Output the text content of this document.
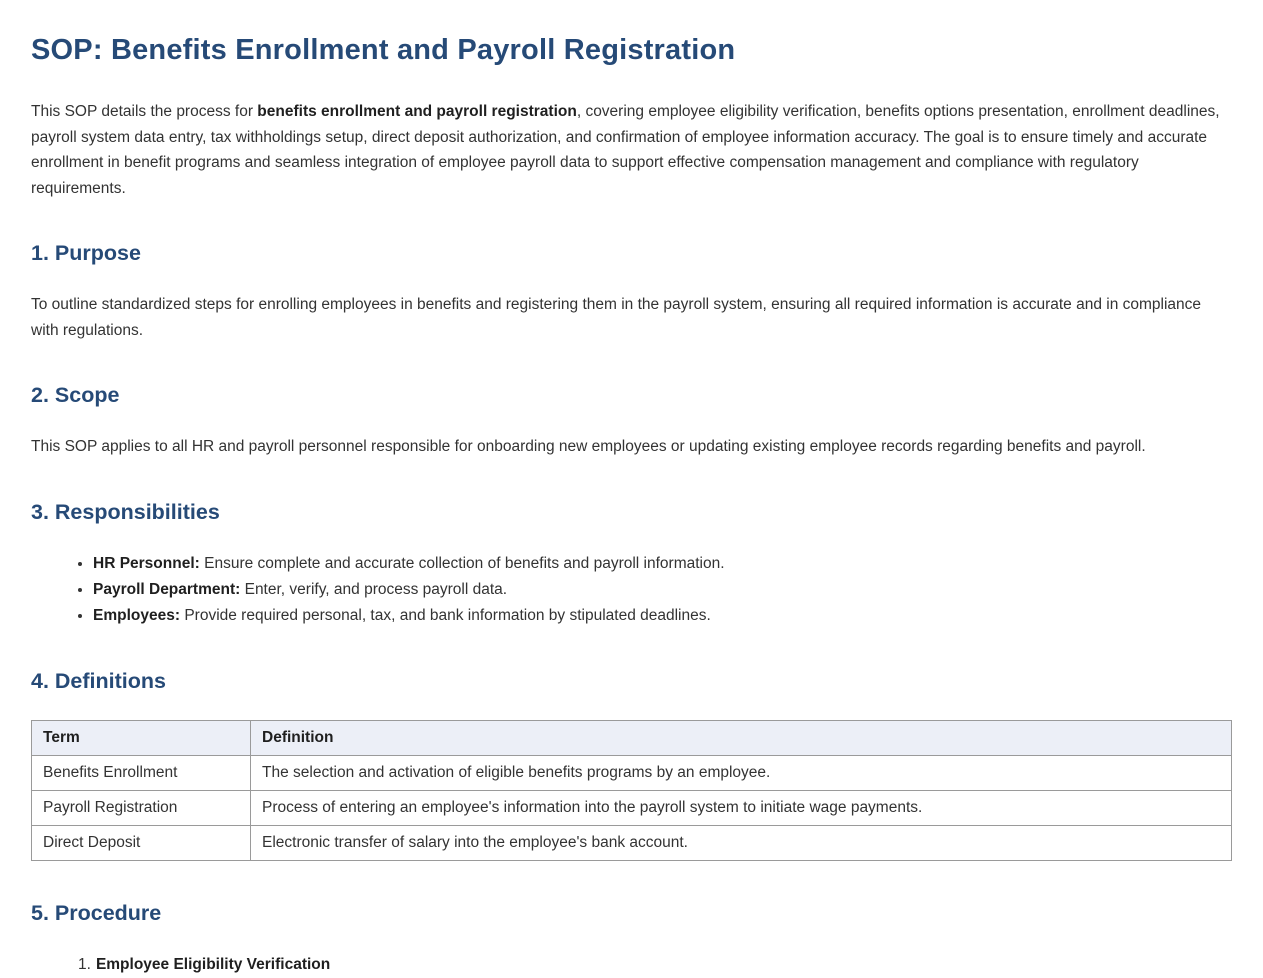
SOP: Benefits Enrollment and Payroll Registration

This SOP details the process for benefits enrollment and payroll registration, covering employee eligibility verification, benefits options presentation, enrollment deadlines, payroll system data entry, tax withholdings setup, direct deposit authorization, and confirmation of employee information accuracy. The goal is to ensure timely and accurate enrollment in benefit programs and seamless integration of employee payroll data to support effective compensation management and compliance with regulatory requirements.

1. Purpose

To outline standardized steps for enrolling employees in benefits and registering them in the payroll system, ensuring all required information is accurate and in compliance with regulations.

2. Scope

This SOP applies to all HR and payroll personnel responsible for onboarding new employees or updating existing employee records regarding benefits and payroll.

3. Responsibilities
• HR Personnel: Ensure complete and accurate collection of benefits and payroll information.
• Payroll Department: Enter, verify, and process payroll data.
• Employees: Provide required personal, tax, and bank information by stipulated deadlines.
4. Definitions
Term	Definition
Benefits Enrollment	The selection and activation of eligible benefits programs by an employee.
Payroll Registration	Process of entering an employee's information into the payroll system to initiate wage payments.
Direct Deposit	Electronic transfer of salary into the employee's bank account.
5. Procedure
1. Employee Eligibility Verification
